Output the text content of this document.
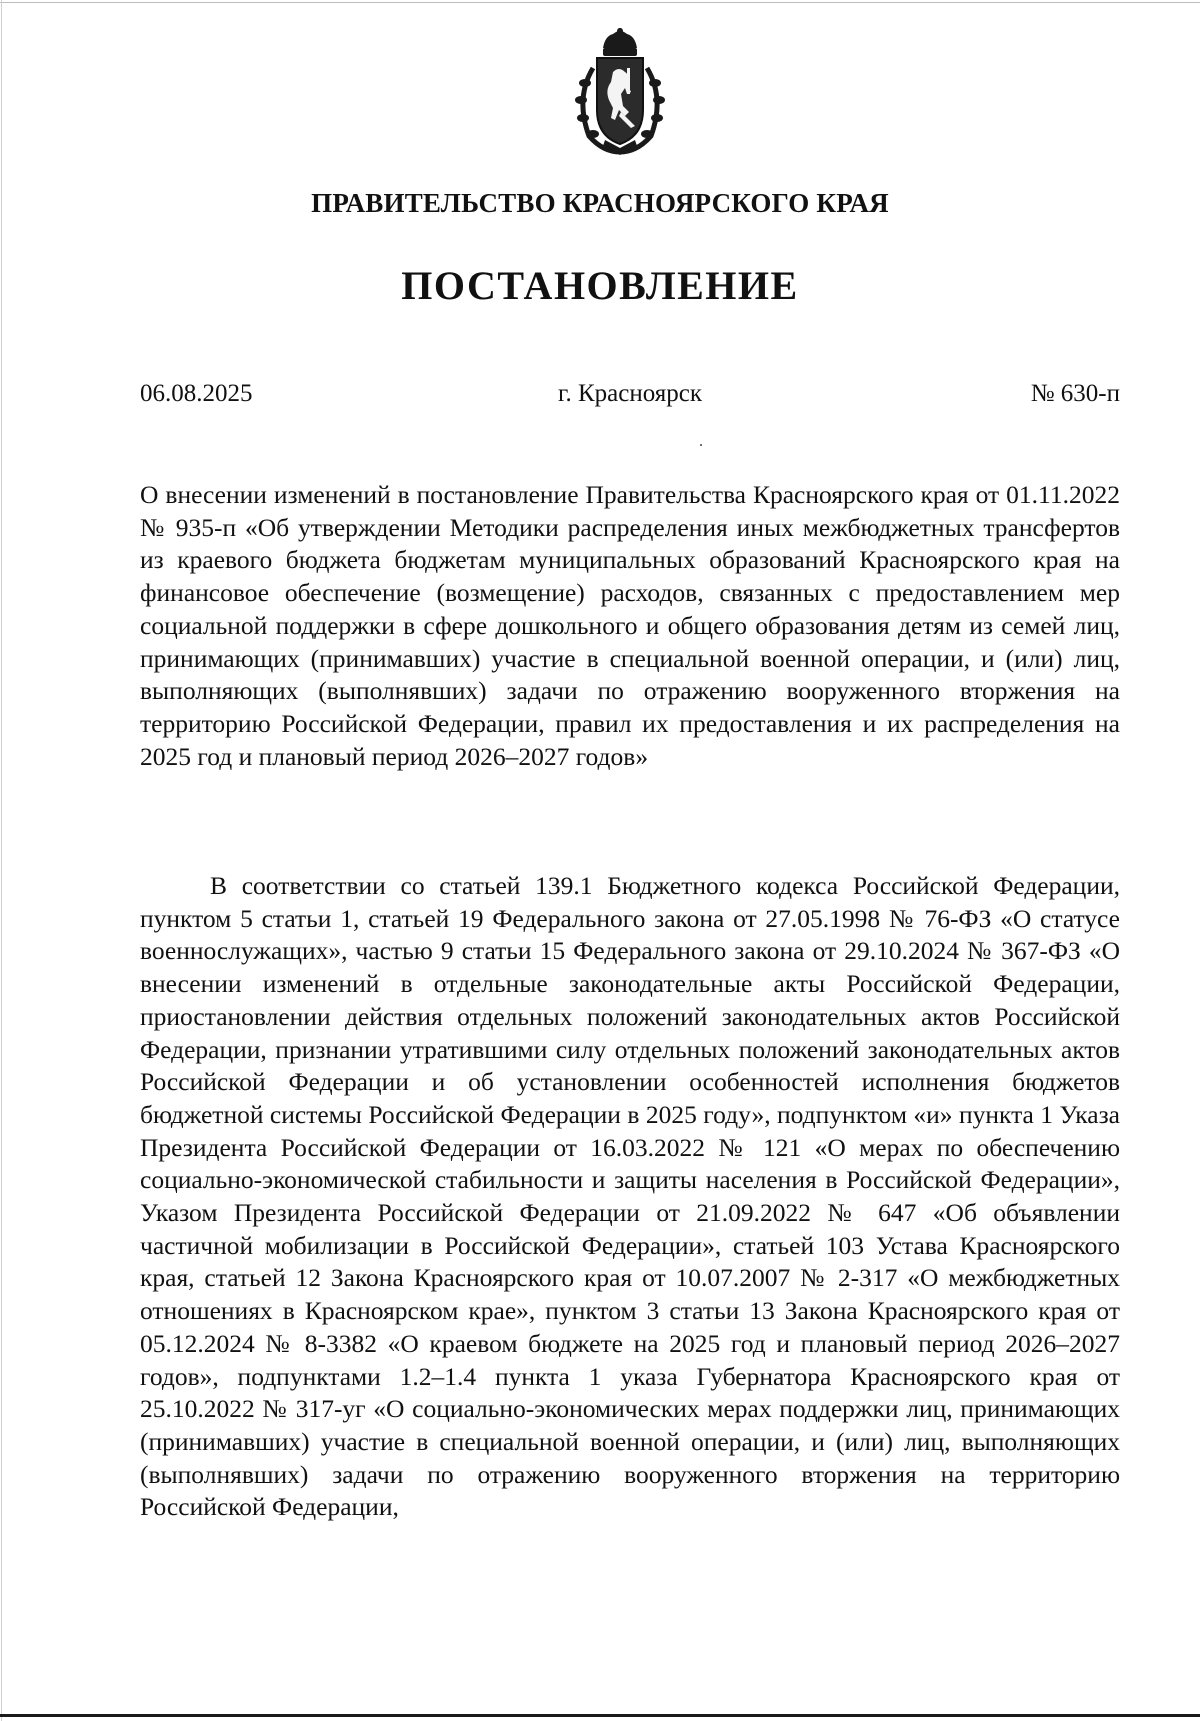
ПРАВИТЕЛЬСТВО КРАСНОЯРСКОГО КРАЯ
ПОСТАНОВЛЕНИЕ
06.08.2025	г. Красноярск	№ 630-п
О внесении изменений в постановление Правительства Красноярского края от 01.11.2022 № 935-п «Об утверждении Методики распределения иных межбюджетных трансфертов из краевого бюджета бюджетам муниципальных образований Красноярского края на финансовое обеспечение (возмещение) расходов, связанных с предоставлением мер социальной поддержки в сфере дошкольного и общего образования детям из семей лиц, принимающих (принимавших) участие в специальной военной операции, и (или) лиц, выполняющих (выполнявших) задачи по отражению вооруженного вторжения на территорию Российской Федерации, правил их предоставления и их распределения на 2025 год и плановый период 2026–2027 годов»
В соответствии со статьей 139.1 Бюджетного кодекса Российской Федерации, пунктом 5 статьи 1, статьей 19 Федерального закона от 27.05.1998 № 76-ФЗ «О статусе военнослужащих», частью 9 статьи 15 Федерального закона от 29.10.2024 № 367-ФЗ «О внесении изменений в отдельные законодательные акты Российской Федерации, приостановлении действия отдельных положений законодательных актов Российской Федерации, признании утратившими силу отдельных положений законодательных актов Российской Федерации и об установлении особенностей исполнения бюджетов бюджетной системы Российской Федерации в 2025 году», подпунктом «и» пункта 1 Указа Президента Российской Федерации от 16.03.2022 № 121 «О мерах по обеспечению социально-экономической стабильности и защиты населения в Российской Федерации», Указом Президента Российской Федерации от 21.09.2022 № 647 «Об объявлении частичной мобилизации в Российской Федерации», статьей 103 Устава Красноярского края, статьей 12 Закона Красноярского края от 10.07.2007 № 2-317 «О межбюджетных отношениях в Красноярском крае», пунктом 3 статьи 13 Закона Красноярского края от 05.12.2024 № 8-3382 «О краевом бюджете на 2025 год и плановый период 2026–2027 годов», подпунктами 1.2–1.4 пункта 1 указа Губернатора Красноярского края от 25.10.2022 № 317-уг «О социально-экономических мерах поддержки лиц, принимающих (принимавших) участие в специальной военной операции, и (или) лиц, выполняющих (выполнявших) задачи по отражению вооруженного вторжения на территорию Российской Федерации,
